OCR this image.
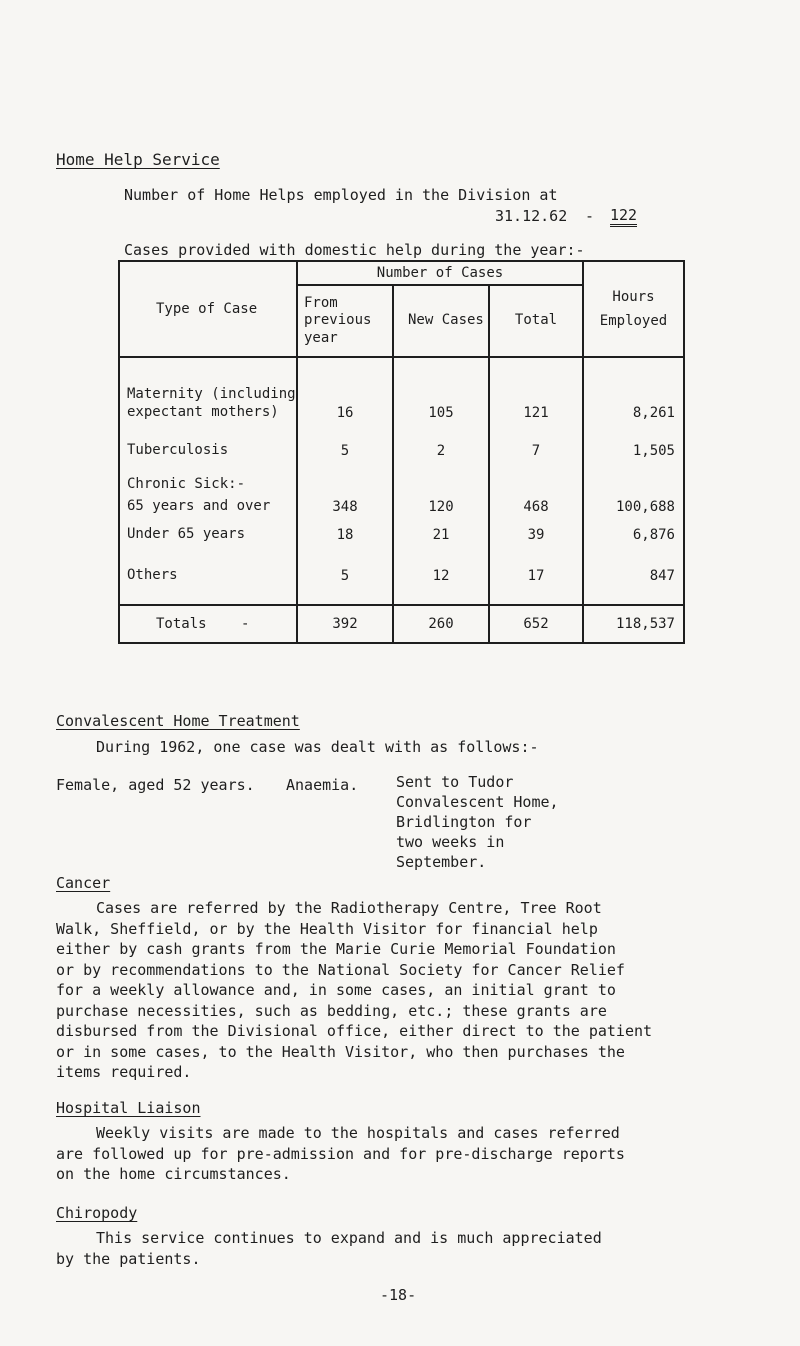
Home Help Service
Number of Home Helps employed in the Division at
31.12.62 - 122
Cases provided with domestic help during the year:-
Type of Case	Number of Cases			Hours
Employed

	From previous year	New Cases	Total	
Maternity (including expectant mothers)	16	105	121	8,261
Tuberculosis	5	2	7	1,505
Chronic Sick:-				
65 years and over	348	120	468	100,688
Under 65 years	18	21	39	6,876
Others	5	12	17	847
Totals -	392	260	652	118,537
Convalescent Home Treatment
During 1962, one case was dealt with as follows:-
Female, aged 52 years. Anaemia.	Sent to Tudor
Convalescent Home,
Bridlington for
two weeks in
September.
Cancer
Cases are referred by the Radiotherapy Centre, Tree Root
Walk, Sheffield, or by the Health Visitor for financial help
either by cash grants from the Marie Curie Memorial Foundation
or by recommendations to the National Society for Cancer Relief
for a weekly allowance and, in some cases, an initial grant to
purchase necessities, such as bedding, etc.; these grants are
disbursed from the Divisional office, either direct to the patient
or in some cases, to the Health Visitor, who then purchases the
items required.
Hospital Liaison
Weekly visits are made to the hospitals and cases referred
are followed up for pre-admission and for pre-discharge reports
on the home circumstances.
Chiropody
This service continues to expand and is much appreciated
by the patients.
-18-
